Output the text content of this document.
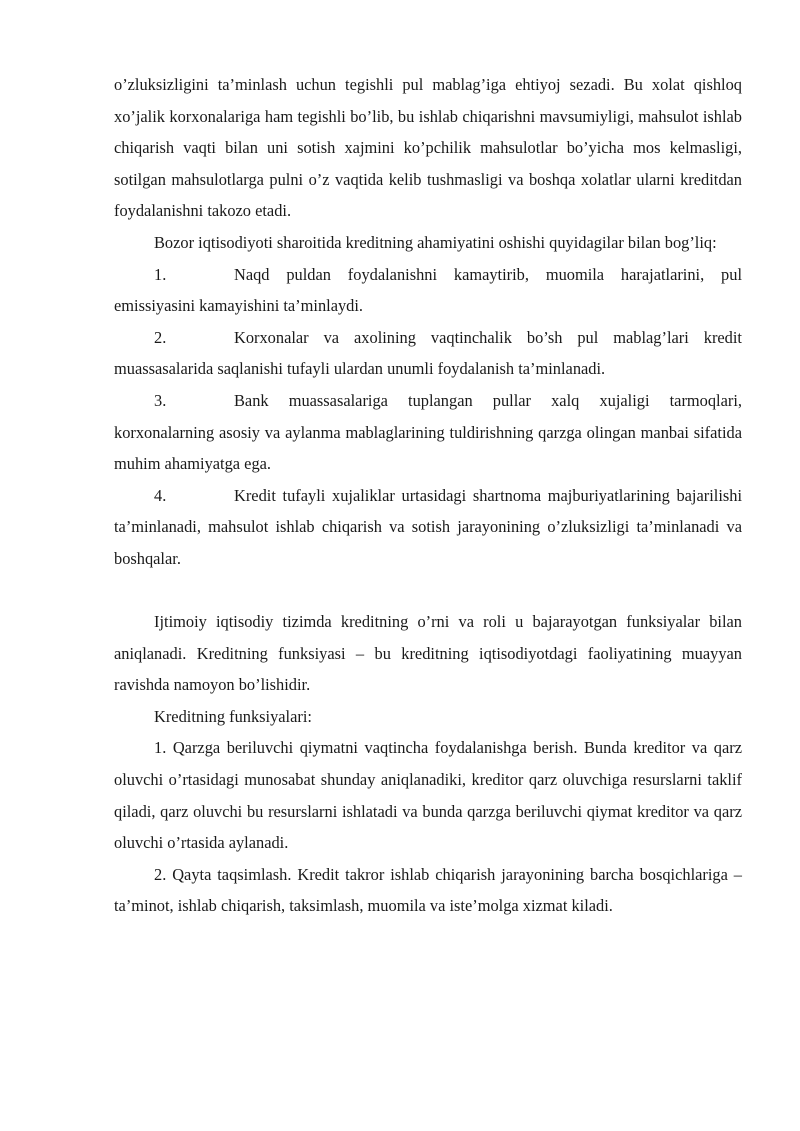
o’zluksizligini ta’minlash uchun tegishli pul mablag’iga ehtiyoj sezadi. Bu xolat qishloq xo’jalik korxonalariga ham tegishli bo’lib, bu ishlab chiqarishni mavsumiyligi, mahsulot ishlab chiqarish vaqti bilan uni sotish xajmini ko’pchilik mahsulotlar bo’yicha mos kelmasligi, sotilgan mahsulotlarga pulni o’z vaqtida kelib tushmasligi va boshqa xolatlar ularni kreditdan foydalanishni takozo etadi.

Bozor iqtisodiyoti sharoitida kreditning ahamiyatini oshishi quyidagilar bilan bog’liq:

1.	Naqd puldan foydalanishni kamaytirib, muomila harajatlarini, pul emissiyasini kamayishini ta’minlaydi.

2.	Korxonalar va axolining vaqtinchalik bo’sh pul mablag’lari kredit muassasalarida saqlanishi tufayli ulardan unumli foydalanish ta’minlanadi.

3.	Bank muassasalariga tuplangan pullar xalq xujaligi tarmoqlari, korxonalarning asosiy va aylanma mablaglarining tuldirishning qarzga olingan manbai sifatida muhim ahamiyatga ega.

4.	Kredit tufayli xujaliklar urtasidagi shartnoma majburiyatlarining bajarilishi ta’minlanadi, mahsulot ishlab chiqarish va sotish jarayonining o’zluksizligi ta’minlanadi va boshqalar.

Ijtimoiy iqtisodiy tizimda kreditning o’rni va roli u bajarayotgan funksiyalar bilan aniqlanadi. Kreditning funksiyasi – bu kreditning iqtisodiyotdagi faoliyatining muayyan ravishda namoyon bo’lishidir.

Kreditning funksiyalari:

1. Qarzga beriluvchi qiymatni vaqtincha foydalanishga berish. Bunda kreditor va qarz oluvchi o’rtasidagi munosabat shunday aniqlanadiki, kreditor qarz oluvchiga resurslarni taklif qiladi, qarz oluvchi bu resurslarni ishlatadi va bunda qarzga beriluvchi qiymat kreditor va qarz oluvchi o’rtasida aylanadi.

2. Qayta taqsimlash. Kredit takror ishlab chiqarish jarayonining barcha bosqichlariga – ta’minot, ishlab chiqarish, taksimlash, muomila va iste’molga xizmat kiladi.
